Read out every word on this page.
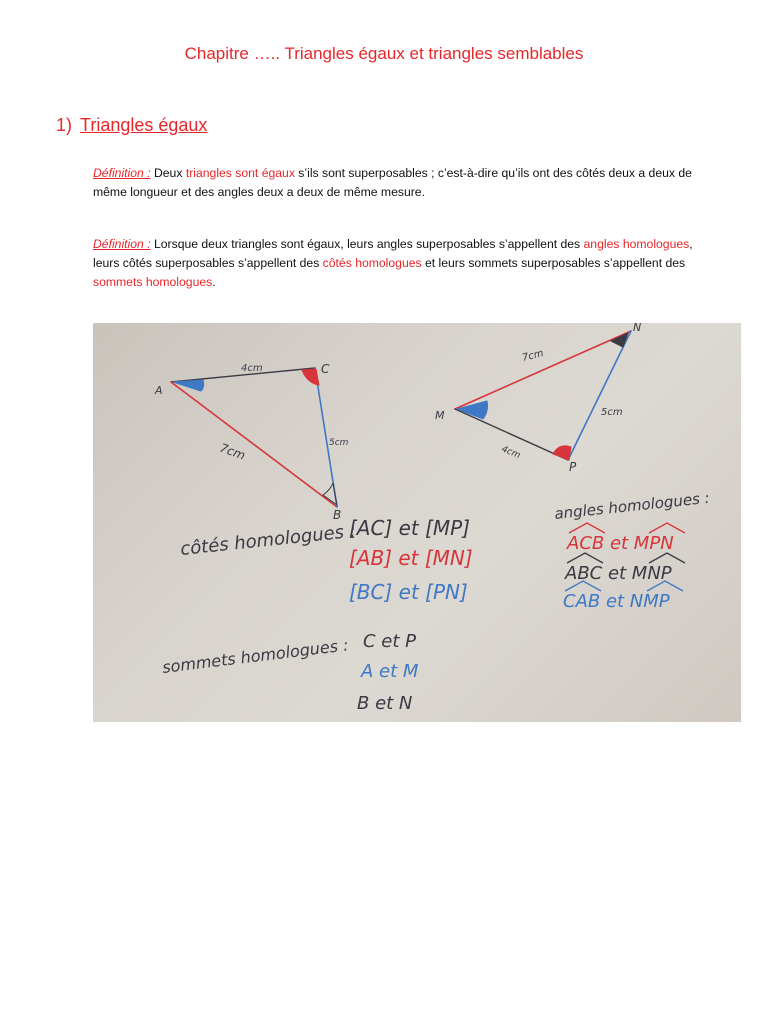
Chapitre ….. Triangles égaux et triangles semblables
1) Triangles égaux
Définition : Deux triangles sont égaux s’ils sont superposables ; c’est-à-dire qu’ils ont des côtés deux a deux de même longueur et des angles deux a deux de même mesure.
Définition : Lorsque deux triangles sont égaux, leurs angles superposables s’appellent des angles homologues, leurs côtés superposables s’appellent des côtés homologues et leurs sommets superposables s’appellent des sommets homologues.
A
C
B
4cm
7cm	5cm
M
N
P
7cm
4cm
5cm
côtés homologues :
[AC] et [MP]
[AB] et [MN]
[BC] et [PN]
angles homologues :
ACB et MPN
ABC et MNP
CAB et NMP
sommets homologues : C et P
A et M
B et N
